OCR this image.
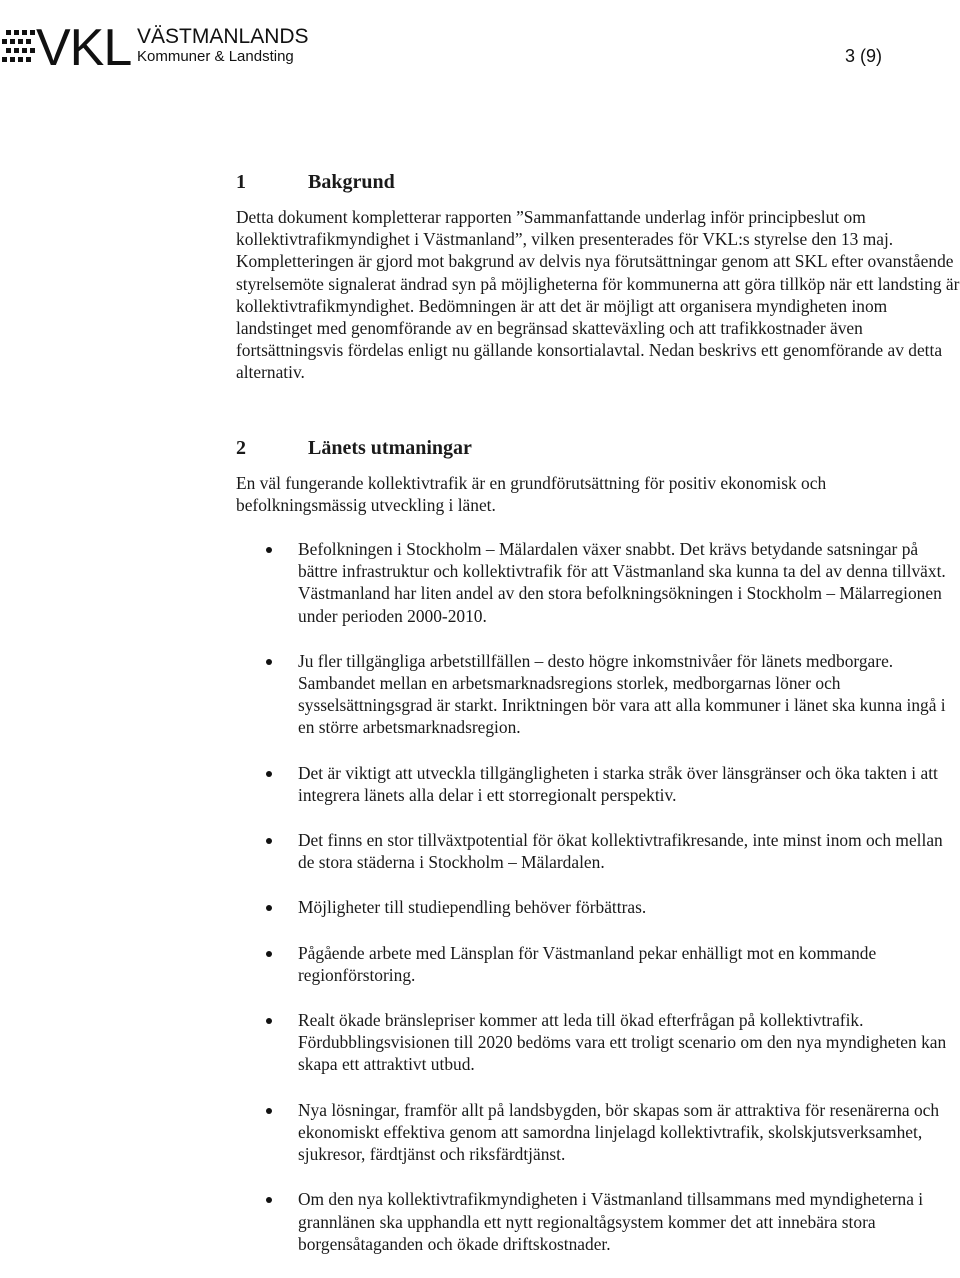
VKL VÄSTMANLANDS
Kommuner & Landsting	3 (9)
1	Bakgrund

Detta dokument kompletterar rapporten ”Sammanfattande underlag inför principbeslut om kollektivtrafikmyndighet i Västmanland”, vilken presenterades för VKL:s styrelse den 13 maj. Kompletteringen är gjord mot bakgrund av delvis nya förutsättningar genom att SKL efter ovanstående styrelsemöte signalerat ändrad syn på möjligheterna för kommunerna att göra tillköp när ett landsting är kollektivtrafikmyndighet. Bedömningen är att det är möjligt att organisera myndigheten inom landstinget med genomförande av en begränsad skatteväxling och att trafikkostnader även fortsättningsvis fördelas enligt nu gällande konsortialavtal. Nedan beskrivs ett genomförande av detta alternativ.

2	Länets utmaningar

En väl fungerande kollektivtrafik är en grundförutsättning för positiv ekonomisk och befolkningsmässig utveckling i länet.

Befolkningen i Stockholm – Mälardalen växer snabbt. Det krävs betydande satsningar på bättre infrastruktur och kollektivtrafik för att Västmanland ska kunna ta del av denna tillväxt. Västmanland har liten andel av den stora befolkningsökningen i Stockholm – Mälarregionen under perioden 2000-2010.
Ju fler tillgängliga arbetstillfällen – desto högre inkomstnivåer för länets medborgare. Sambandet mellan en arbetsmarknadsregions storlek, medborgarnas löner och sysselsättningsgrad är starkt. Inriktningen bör vara att alla kommuner i länet ska kunna ingå i en större arbetsmarknadsregion.
Det är viktigt att utveckla tillgängligheten i starka stråk över länsgränser och öka takten i att integrera länets alla delar i ett storregionalt perspektiv.
Det finns en stor tillväxtpotential för ökat kollektivtrafikresande, inte minst inom och mellan de stora städerna i Stockholm – Mälardalen.
Möjligheter till studiependling behöver förbättras.
Pågående arbete med Länsplan för Västmanland pekar enhälligt mot en kommande regionförstoring.
Realt ökade bränslepriser kommer att leda till ökad efterfrågan på kollektivtrafik. Fördubblingsvisionen till 2020 bedöms vara ett troligt scenario om den nya myndigheten kan skapa ett attraktivt utbud.
Nya lösningar, framför allt på landsbygden, bör skapas som är attraktiva för resenärerna och ekonomiskt effektiva genom att samordna linjelagd kollektivtrafik, skolskjutsverksamhet, sjukresor, färdtjänst och riksfärdtjänst.
Om den nya kollektivtrafikmyndigheten i Västmanland tillsammans med myndigheterna i grannlänen ska upphandla ett nytt regionaltågsystem kommer det att innebära stora borgensåtaganden och ökade driftskostnader.
